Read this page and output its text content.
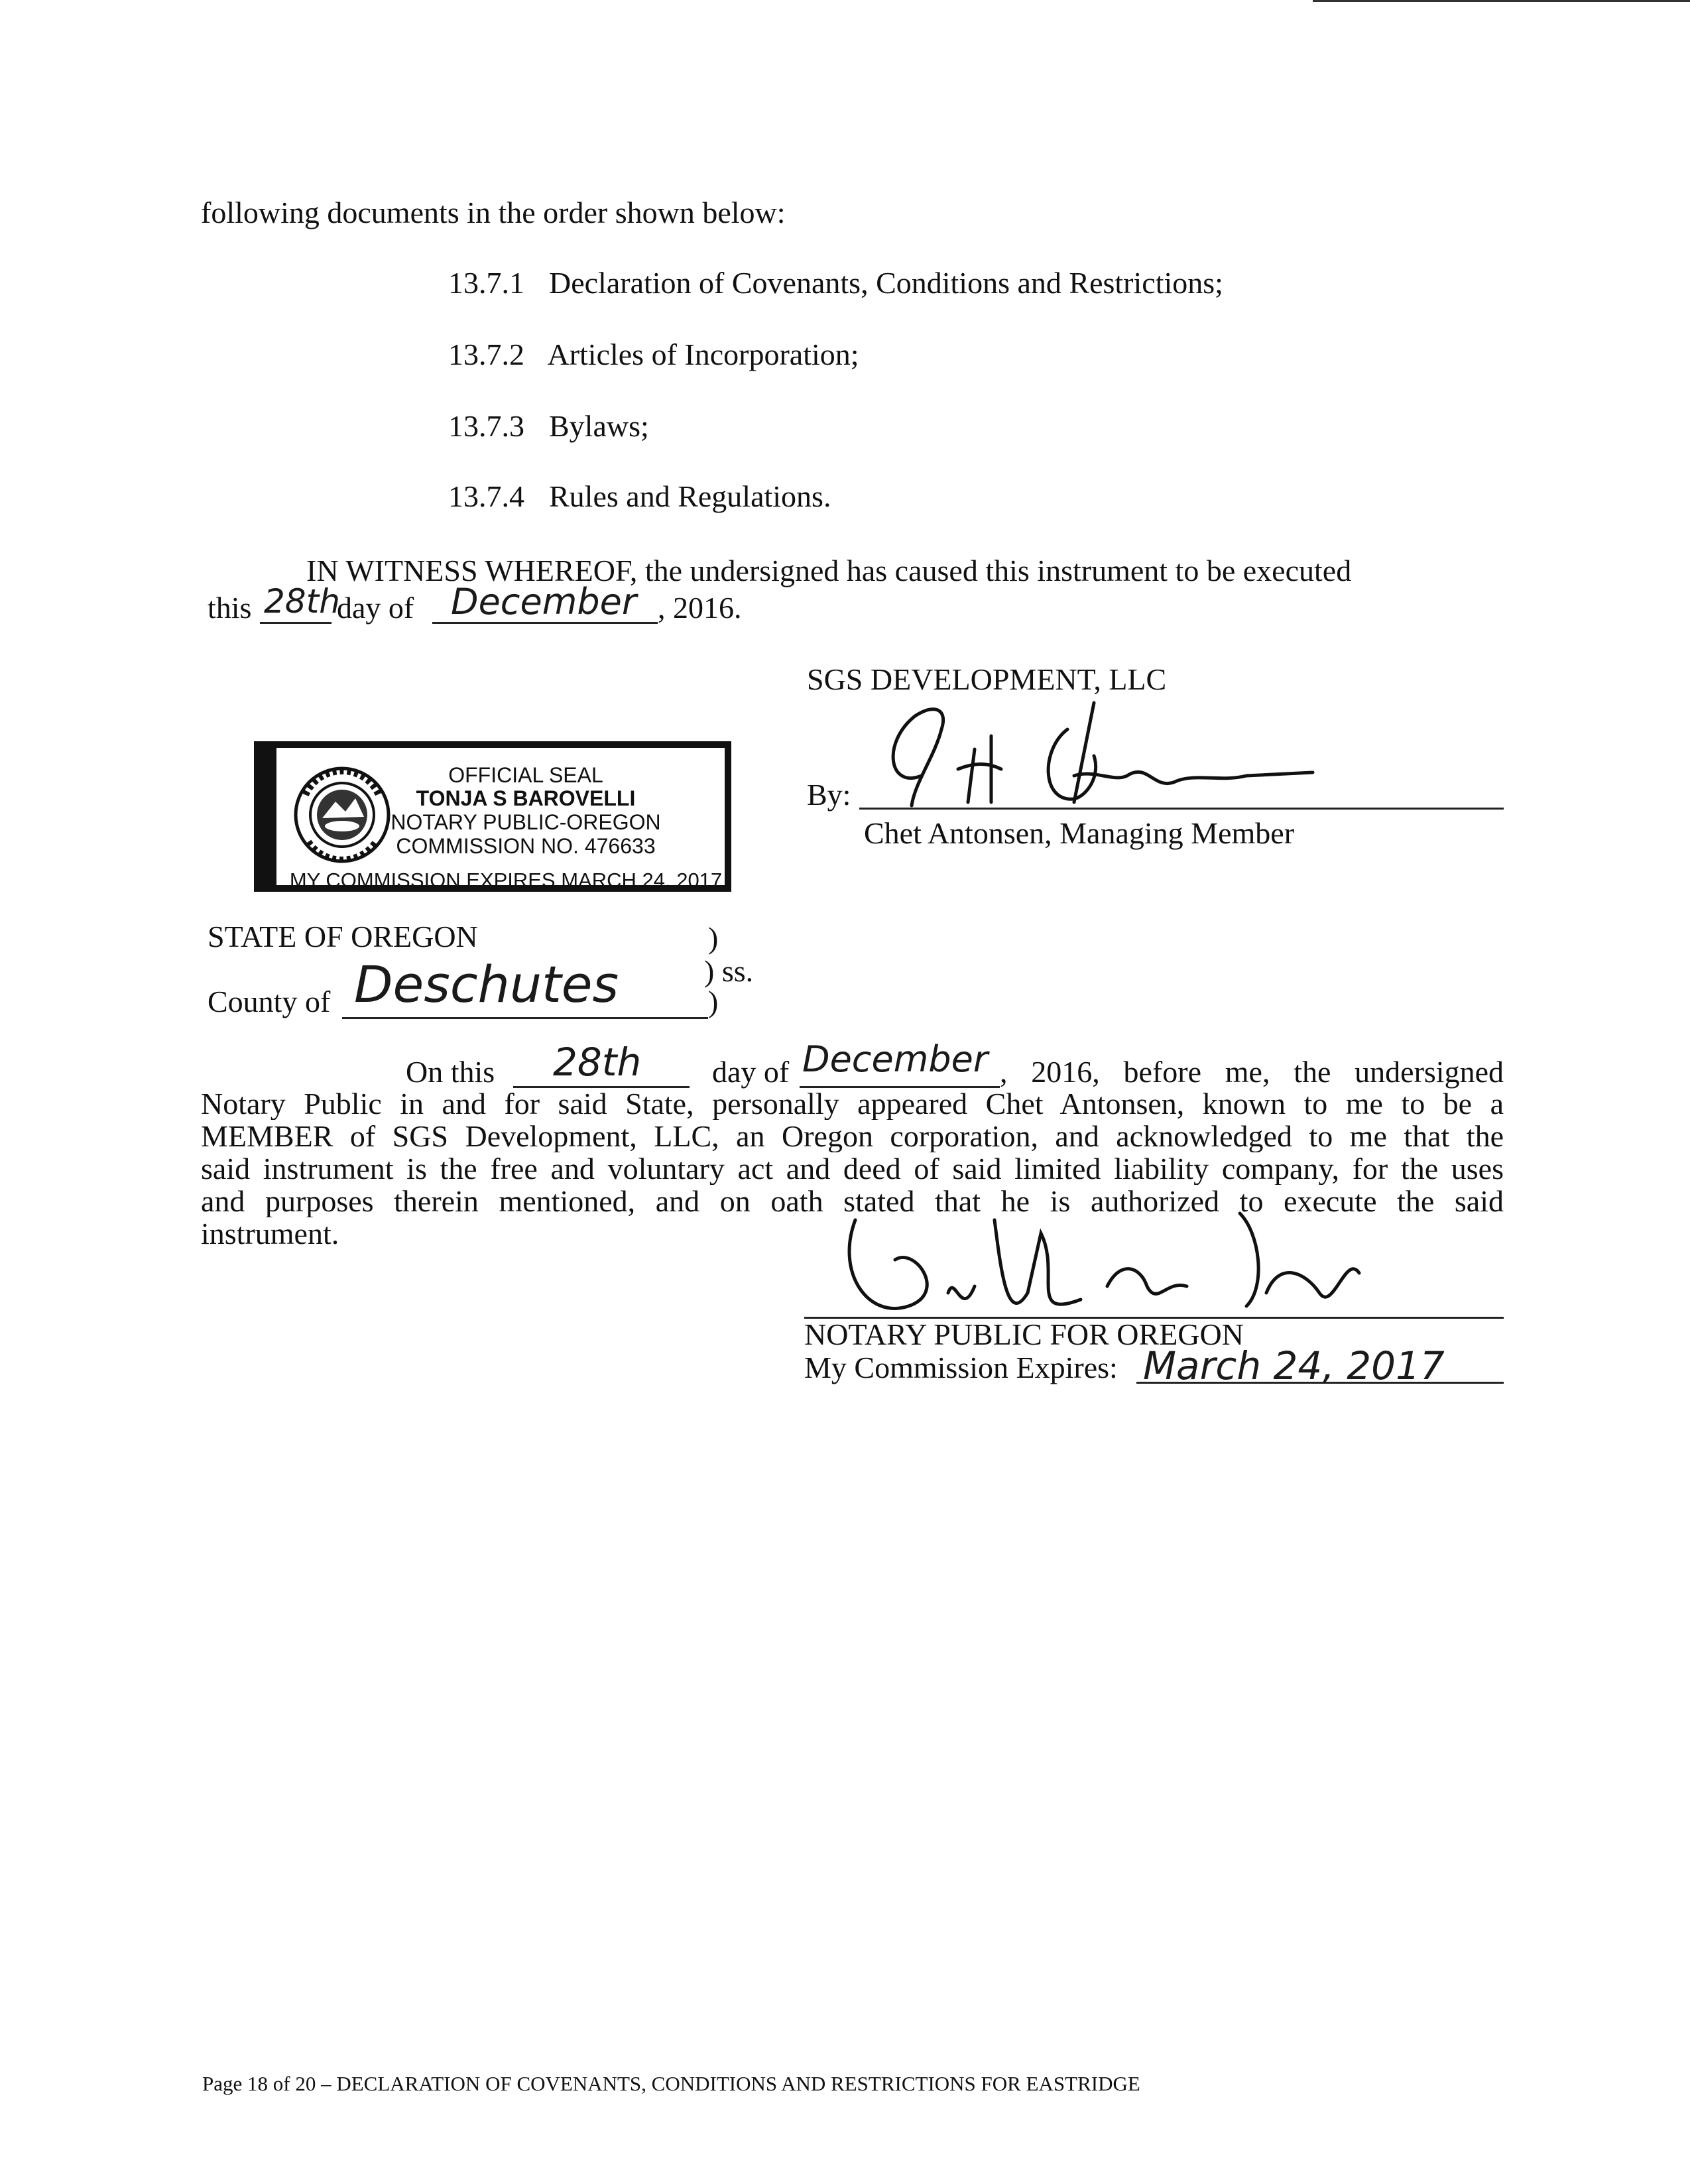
following documents in the order shown below:
13.7.1 Declaration of Covenants, Conditions and Restrictions;
13.7.2 Articles of Incorporation;
13.7.3 Bylaws;
13.7.4 Rules and Regulations.
IN WITNESS WHEREOF, the undersigned has caused this instrument to be executed
this 28th
day of December , 2016.
SGS DEVELOPMENT, LLC
By:
Chet Antonsen, Managing Member
OFFICIAL SEAL
TONJA S BAROVELLI
NOTARY PUBLIC-OREGON
COMMISSION NO. 476633
MY COMMISSION EXPIRES MARCH 24, 2017
STATE OF OREGON	)
) ss.
County of Deschutes	)
On this 28th day of December , 2016, before me, the undersigned
Notary Public in and for said State, personally appeared Chet Antonsen, known to me to be a
MEMBER of SGS Development, LLC, an Oregon corporation, and acknowledged to me that the
said instrument is the free and voluntary act and deed of said limited liability company, for the uses
and purposes therein mentioned, and on oath stated that he is authorized to execute the said
instrument.
NOTARY PUBLIC FOR OREGON
My Commission Expires: March 24, 2017
Page 18 of 20 – DECLARATION OF COVENANTS, CONDITIONS AND RESTRICTIONS FOR EASTRIDGE
